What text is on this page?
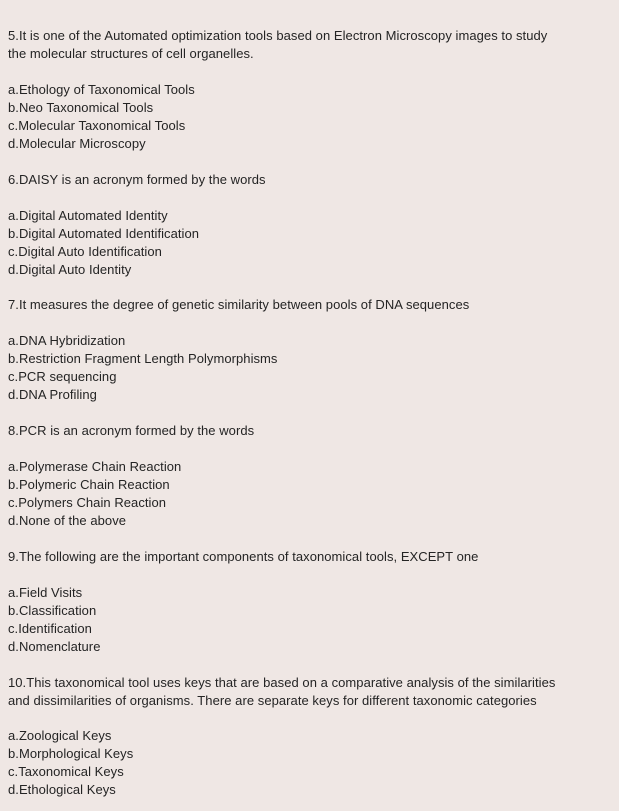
5.It is one of the Automated optimization tools based on Electron Microscopy images to study
the molecular structures of cell organelles.
a.Ethology of Taxonomical Tools
b.Neo Taxonomical Tools
c.Molecular Taxonomical Tools
d.Molecular Microscopy
6.DAISY is an acronym formed by the words
a.Digital Automated Identity
b.Digital Automated Identification
c.Digital Auto Identification
d.Digital Auto Identity
7.It measures the degree of genetic similarity between pools of DNA sequences
a.DNA Hybridization
b.Restriction Fragment Length Polymorphisms
c.PCR sequencing
d.DNA Profiling
8.PCR is an acronym formed by the words
a.Polymerase Chain Reaction
b.Polymeric Chain Reaction
c.Polymers Chain Reaction
d.None of the above
9.The following are the important components of taxonomical tools, EXCEPT one
a.Field Visits
b.Classification
c.Identification
d.Nomenclature
10.This taxonomical tool uses keys that are based on a comparative analysis of the similarities
and dissimilarities of organisms. There are separate keys for different taxonomic categories
a.Zoological Keys
b.Morphological Keys
c.Taxonomical Keys
d.Ethological Keys
